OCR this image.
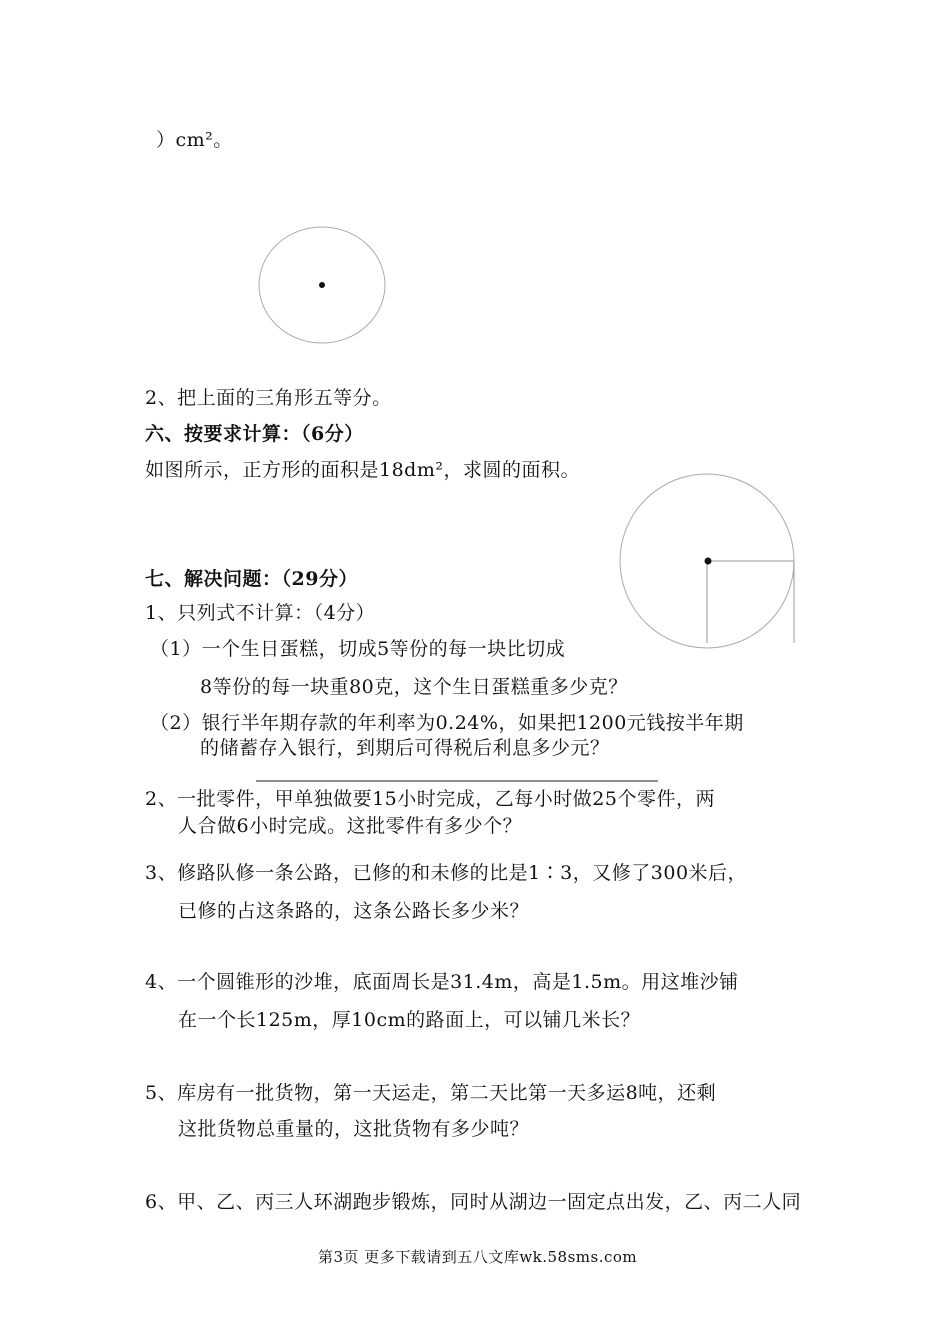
）cm²。
2、把上面的三角形五等分。
六、按要求计算：（6分）
如图所示，正方形的面积是18dm²，求圆的面积。
七、解决问题：（29分）
1、只列式不计算：（4分）
（1）一个生日蛋糕，切成5等份的每一块比切成
8等份的每一块重80克，这个生日蛋糕重多少克？
（2）银行半年期存款的年利率为0.24%，如果把1200元钱按半年期
的储蓄存入银行，到期后可得税后利息多少元？
2、一批零件，甲单独做要15小时完成，乙每小时做25个零件，两
人合做6小时完成。这批零件有多少个？
3、修路队修一条公路，已修的和未修的比是1∶3，又修了300米后，
已修的占这条路的，这条公路长多少米？
4、一个圆锥形的沙堆，底面周长是31.4m，高是1.5m。用这堆沙铺
在一个长125m，厚10cm的路面上，可以铺几米长？
5、库房有一批货物，第一天运走，第二天比第一天多运8吨，还剩
这批货物总重量的，这批货物有多少吨？
6、甲、乙、丙三人环湖跑步锻炼，同时从湖边一固定点出发，乙、丙二人同
第3页 更多下载请到五八文库wk.58sms.com
